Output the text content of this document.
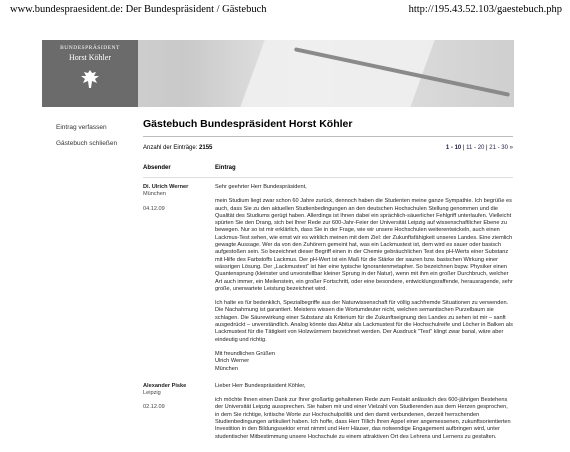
www.bundespraesident.de: Der Bundespräsident / Gästebuch	http://195.43.52.103/gaestebuch.php
BUNDESPRÄSIDENT
Horst Köhler
Eintrag verfassen
Gästebuch schließen
Gästebuch Bundespräsident Horst Köhler
Anzahl der Einträge: 2155	1 - 10 | 11 - 20 | 21 - 30 »
Absender	Eintrag
Di. Ulrich Werner
München
04.12.09

Sehr geehrter Herr Bundespräsident,

mein Studium liegt zwar schon 60 Jahre zurück, dennoch haben die Studenten meine ganze Sympathie. Ich begrüße es auch, dass Sie zu den aktuellen Studienbedingungen an den deutschen Hochschulen Stellung genommen und die Qualität des Studiums gerügt haben. Allerdings ist Ihnen dabei ein sprächlich-säuerlicher Fehlgriff unterlaufen. Vielleicht spürten Sie den Drang, sich bei Ihrer Rede zur 600-Jahr-Feier der Universität Leipzig auf wissenschaftlicher Ebene zu bewegen. Nur so ist mir erklärlich, dass Sie in der Frage, wie wir unsere Hochschulen weiterentwickeln, auch einen Lackmus-Test sehen, wie ernst wir es wirklich meinen mit dem Ziel: der Zukunftsfähigkeit unseres Landes. Eine ziemlich gewagte Aussage. Wer da von den Zuhörern gemeint hat, was ein Lackmustest ist, dem wird es sauer oder basisch aufgestoßen sein. So bezeichnet dieser Begriff einen in der Chemie gebräuchlichen Test des pH-Werts einer Substanz mit Hilfe des Farbstoffs Lackmus. Der pH-Wert ist ein Maß für die Stärke der sauren bzw. basischen Wirkung einer wässrigen Lösung. Der „Lackmustest“ ist hier eine typische Ignorantenmetapher. So bezeichnen bspw. Physiker einen Quantensprung (kleinster und unvorstellbar kleiner Sprung in der Natur), wenn mit ihm ein großer Durchbruch, welcher Art auch immer, ein Meilenstein, ein großer Fortschritt, oder eine besondere, entwicklungsraffende, herausragende, sehr große, unerwartete Leistung bezeichnet wird.

Ich halte es für bedenklich, Spezialbegriffe aus der Naturwissenschaft für völlig sachfremde Situationen zu verwenden. Die Nachahmung ist garantiert. Meistens wissen die Wortumdeuter nicht, welchen semantischen Purzelbaum sie schlagen. Die Säurewirkung einer Substanz als Kriterium für die Zukunftseignung des Landes zu sehen ist mir – sanft ausgedrückt – unverständlich. Analog könnte das Abitur als Lackmustest für die Hochschulreife und Löcher in Balken als Lackmustest für die Tätigkeit von Holzwürmern bezeichnet werden. Der Ausdruck "Test" klingt zwar banal, wäre aber eindeutig und richtig.

Mit freundlichen Grüßen
Ulrich Werner
München
Alexander Piske
Leipzig
02.12.09

Lieber Herr Bundespräsident Köhler,

ich möchte Ihnen einen Dank zur Ihrer großartig gehaltenen Rede zum Festakt anlässlich des 600-jährigen Bestehens der Universität Leipzig aussprechen. Sie haben mir und einer Vielzahl von Studierenden aus dem Herzen gesprochen, in dem Sie richtige, kritische Worte zur Hochschulpolitik und den damit verbundenen, derzeit herrschenden Studienbedingungen artikuliert haben. Ich hoffe, dass Herr Tillich Ihren Appel einer angemessenen, zukunftsorientierten Investition in den Bildungssektor ernst nimmt und Herr Häuser, das notwendige Engagement aufbringen wird, unter studentischer Mitbestimmung unsere Hochschule zu einem attraktiven Ort des Lehrens und Lernens zu gestalten.
